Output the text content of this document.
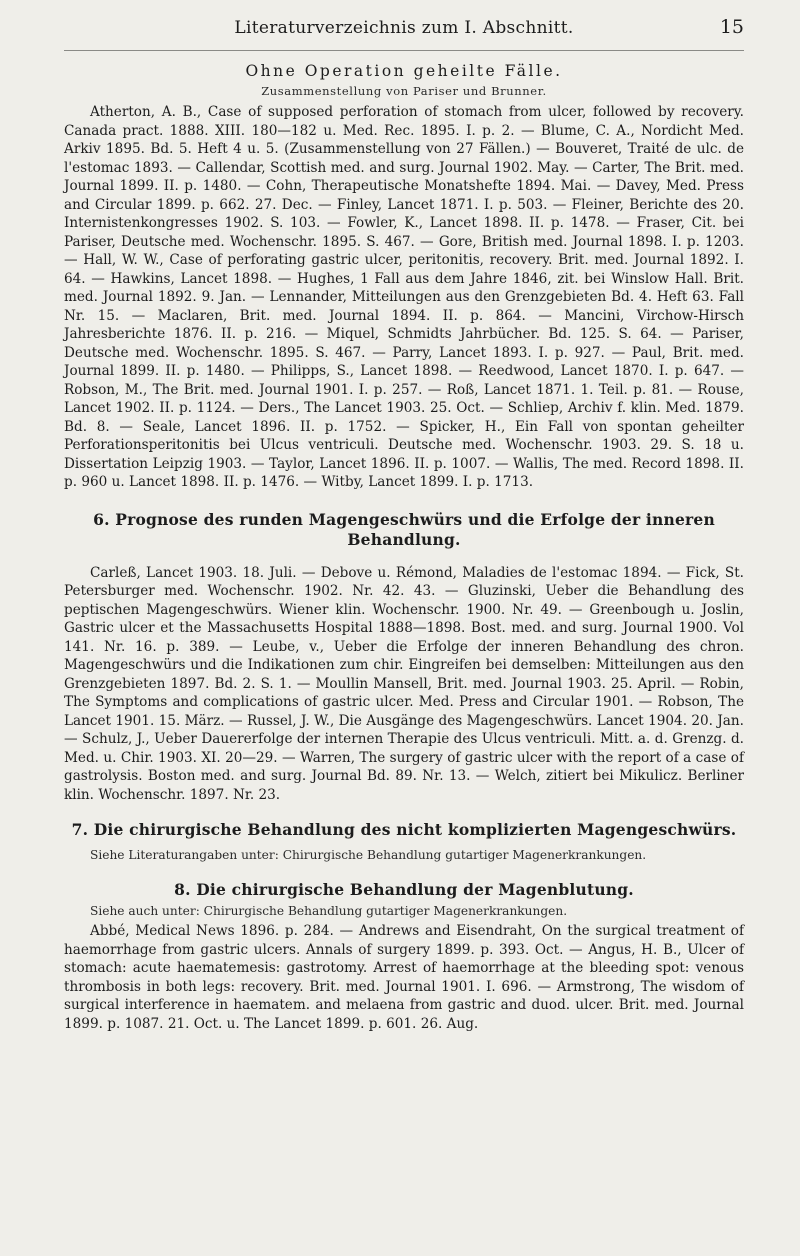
Literaturverzeichnis zum I. Abschnitt.	15
Ohne Operation geheilte Fälle.
Zusammenstellung von Pariser und Brunner.

Atherton, A. B., Case of supposed perforation of stomach from ulcer, followed by recovery. Canada pract. 1888. XIII. 180—182 u. Med. Rec. 1895. I. p. 2. — Blume, C. A., Nordicht Med. Arkiv 1895. Bd. 5. Heft 4 u. 5. (Zusammenstellung von 27 Fällen.) — Bouveret, Traité de ulc. de l'estomac 1893. — Callendar, Scottish med. and surg. Journal 1902. May. — Carter, The Brit. med. Journal 1899. II. p. 1480. — Cohn, Therapeutische Monatshefte 1894. Mai. — Davey, Med. Press and Circular 1899. p. 662. 27. Dec. — Finley, Lancet 1871. I. p. 503. — Fleiner, Berichte des 20. Internistenkongresses 1902. S. 103. — Fowler, K., Lancet 1898. II. p. 1478. — Fraser, Cit. bei Pariser, Deutsche med. Wochenschr. 1895. S. 467. — Gore, British med. Journal 1898. I. p. 1203. — Hall, W. W., Case of perforating gastric ulcer, peritonitis, recovery. Brit. med. Journal 1892. I. 64. — Hawkins, Lancet 1898. — Hughes, 1 Fall aus dem Jahre 1846, zit. bei Winslow Hall. Brit. med. Journal 1892. 9. Jan. — Lennander, Mitteilungen aus den Grenzgebieten Bd. 4. Heft 63. Fall Nr. 15. — Maclaren, Brit. med. Journal 1894. II. p. 864. — Mancini, Virchow-Hirsch Jahresberichte 1876. II. p. 216. — Miquel, Schmidts Jahrbücher. Bd. 125. S. 64. — Pariser, Deutsche med. Wochenschr. 1895. S. 467. — Parry, Lancet 1893. I. p. 927. — Paul, Brit. med. Journal 1899. II. p. 1480. — Philipps, S., Lancet 1898. — Reedwood, Lancet 1870. I. p. 647. — Robson, M., The Brit. med. Journal 1901. I. p. 257. — Roß, Lancet 1871. 1. Teil. p. 81. — Rouse, Lancet 1902. II. p. 1124. — Ders., The Lancet 1903. 25. Oct. — Schliep, Archiv f. klin. Med. 1879. Bd. 8. — Seale, Lancet 1896. II. p. 1752. — Spicker, H., Ein Fall von spontan geheilter Perforationsperitonitis bei Ulcus ventriculi. Deutsche med. Wochenschr. 1903. 29. S. 18 u. Dissertation Leipzig 1903. — Taylor, Lancet 1896. II. p. 1007. — Wallis, The med. Record 1898. II. p. 960 u. Lancet 1898. II. p. 1476. — Witby, Lancet 1899. I. p. 1713.

6. Prognose des runden Magengeschwürs und die Erfolge der inneren Behandlung.

Carleß, Lancet 1903. 18. Juli. — Debove u. Rémond, Maladies de l'estomac 1894. — Fick, St. Petersburger med. Wochenschr. 1902. Nr. 42. 43. — Gluzinski, Ueber die Behandlung des peptischen Magengeschwürs. Wiener klin. Wochenschr. 1900. Nr. 49. — Greenbough u. Joslin, Gastric ulcer et the Massachusetts Hospital 1888—1898. Bost. med. and surg. Journal 1900. Vol 141. Nr. 16. p. 389. — Leube, v., Ueber die Erfolge der inneren Behandlung des chron. Magengeschwürs und die Indikationen zum chir. Eingreifen bei demselben: Mitteilungen aus den Grenzgebieten 1897. Bd. 2. S. 1. — Moullin Mansell, Brit. med. Journal 1903. 25. April. — Robin, The Symptoms and complications of gastric ulcer. Med. Press and Circular 1901. — Robson, The Lancet 1901. 15. März. — Russel, J. W., Die Ausgänge des Magengeschwürs. Lancet 1904. 20. Jan. — Schulz, J., Ueber Dauererfolge der internen Therapie des Ulcus ventriculi. Mitt. a. d. Grenzg. d. Med. u. Chir. 1903. XI. 20—29. — Warren, The surgery of gastric ulcer with the report of a case of gastrolysis. Boston med. and surg. Journal Bd. 89. Nr. 13. — Welch, zitiert bei Mikulicz. Berliner klin. Wochenschr. 1897. Nr. 23.

7. Die chirurgische Behandlung des nicht komplizierten Magengeschwürs.

Siehe Literaturangaben unter: Chirurgische Behandlung gutartiger Magenerkrankungen.

8. Die chirurgische Behandlung der Magenblutung.

Siehe auch unter: Chirurgische Behandlung gutartiger Magenerkrankungen.

Abbé, Medical News 1896. p. 284. — Andrews and Eisendraht, On the surgical treatment of haemorrhage from gastric ulcers. Annals of surgery 1899. p. 393. Oct. — Angus, H. B., Ulcer of stomach: acute haematemesis: gastrotomy. Arrest of haemorrhage at the bleeding spot: venous thrombosis in both legs: recovery. Brit. med. Journal 1901. I. 696. — Armstrong, The wisdom of surgical interference in haematem. and melaena from gastric and duod. ulcer. Brit. med. Journal 1899. p. 1087. 21. Oct. u. The Lancet 1899. p. 601. 26. Aug.
